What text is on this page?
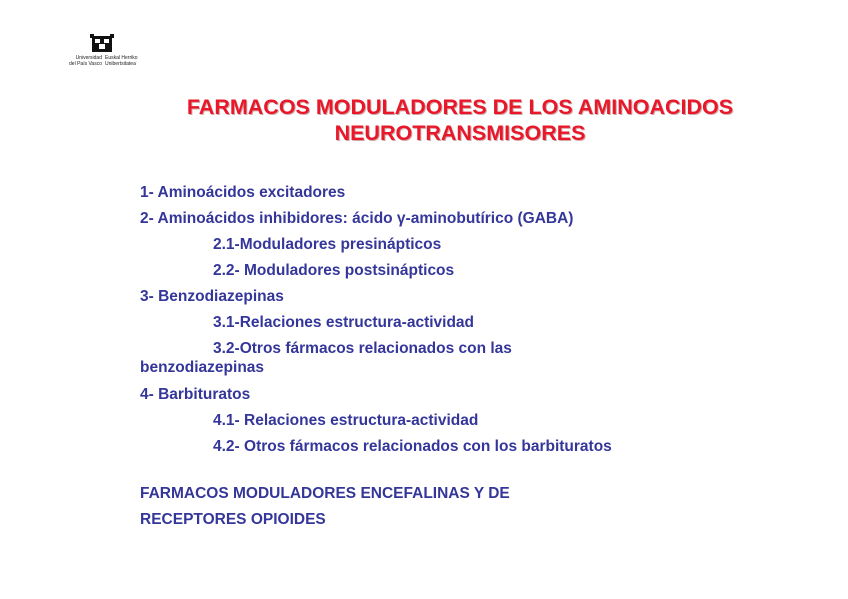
Universidad
del País Vasco
Euskal Herriko
Unibertsitatea
FARMACOS MODULADORES DE LOS AMINOACIDOS
NEUROTRANSMISORES
1- Aminoácidos excitadores
2- Aminoácidos inhibidores: ácido γ-aminobutírico (GABA)
2.1-Moduladores presinápticos
2.2- Moduladores postsinápticos
3- Benzodiazepinas
3.1-Relaciones estructura-actividad
3.2-Otros fármacos relacionados con las
benzodiazepinas
4- Barbituratos
4.1- Relaciones estructura-actividad
4.2- Otros fármacos relacionados con los barbituratos
FARMACOS MODULADORES ENCEFALINAS Y DE
RECEPTORES OPIOIDES
